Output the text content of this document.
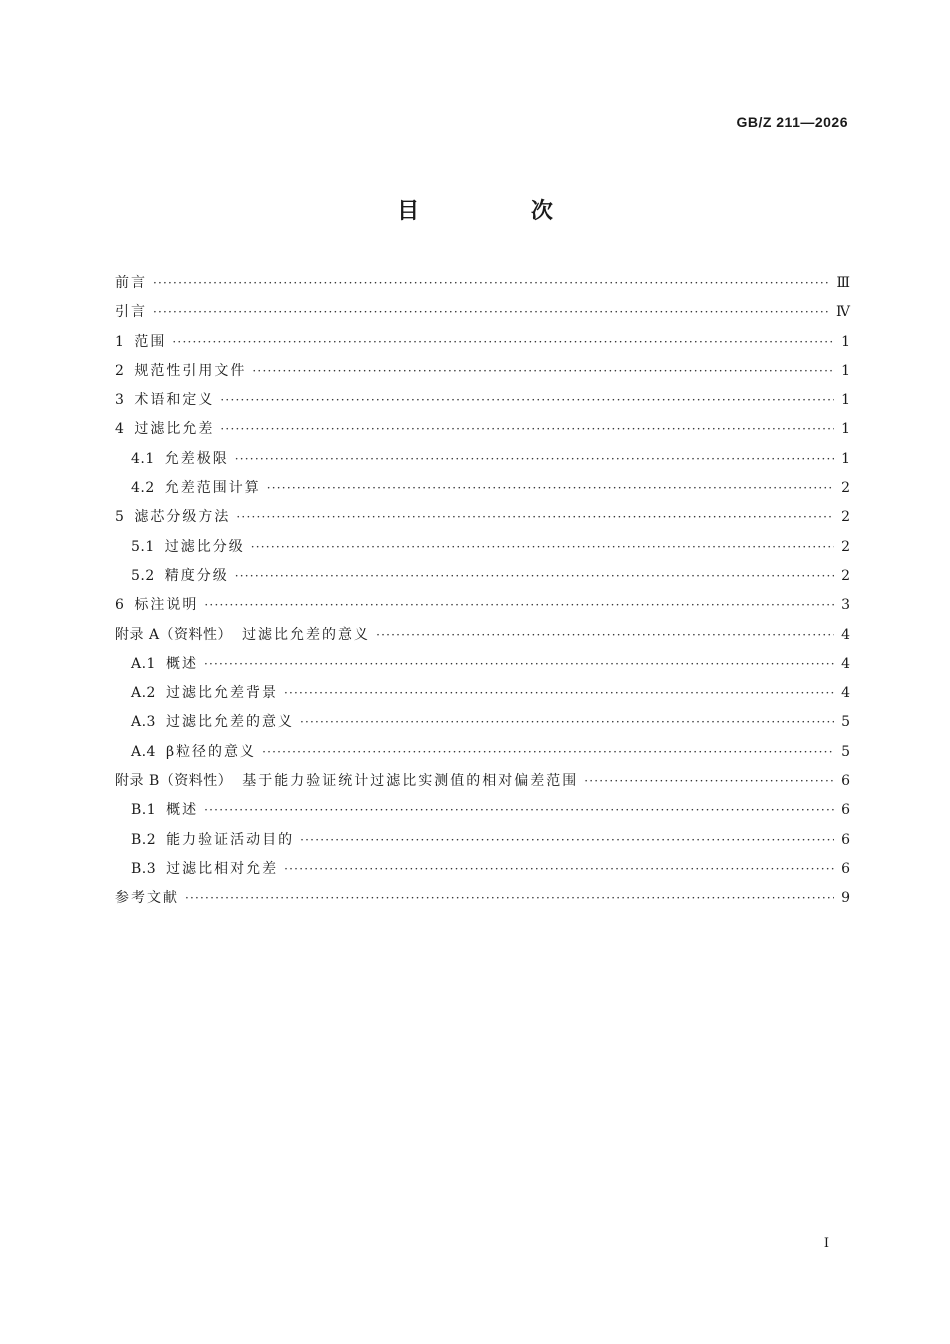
GB/Z 211—2026
目 次
前言 ·····	Ⅲ
引言 ·····	Ⅳ
1 范围 ·····	1
2 规范性引用文件 ·····	1
3 术语和定义 ·····	1
4 过滤比允差 ·····	1
4.1 允差极限 ·····	1
4.2 允差范围计算 ·····	2
5 滤芯分级方法 ·····	2
5.1 过滤比分级 ·····	2
5.2 精度分级 ·····	2
6 标注说明 ·····	3
附录 A（资料性） 过滤比允差的意义 ·····	4
A.1 概述 ·····	4
A.2 过滤比允差背景 ·····	4
A.3 过滤比允差的意义 ·····	5
A.4 β粒径的意义 ·····	5
附录 B（资料性） 基于能力验证统计过滤比实测值的相对偏差范围 ·····	6
B.1 概述 ·····	6
B.2 能力验证活动目的 ·····	6
B.3 过滤比相对允差 ·····	6
参考文献 ·····	9
Ⅰ
